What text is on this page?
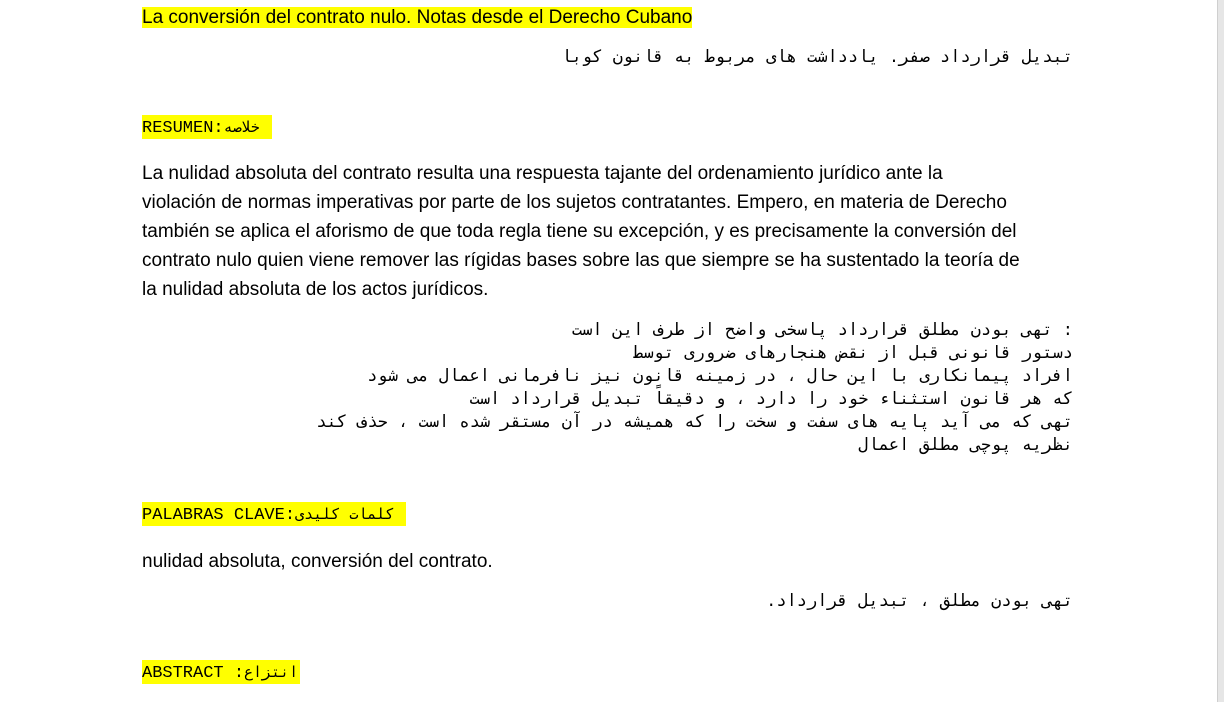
La conversión del contrato nulo. Notas desde el Derecho Cubano
تبدیل قرارداد صفر. یادداشت های مربوط به قانون کوبا
RESUMEN:خلاصه

La nulidad absoluta del contrato resulta una respuesta tajante del ordenamiento jurídico ante la

violación de normas imperativas por parte de los sujetos contratantes. Empero, en materia de Derecho

también se aplica el aforismo de que toda regla tiene su excepción, y es precisamente la conversión del

contrato nulo quien viene remover las rígidas bases sobre las que siempre se ha sustentado la teoría de

la nulidad absoluta de los actos jurídicos.

: تهی بودن مطلق قرارداد پاسخی واضح از طرف این است

دستور قانونی قبل از نقض هنجارهای ضروری توسط

افراد پیمانکاری با این حال ، در زمینه قانون نیز نافرمانی اعمال می شود

که هر قانون استثناء خود را دارد ، و دقیقاً تبدیل قرارداد است

تهی که می آید پایه های سفت و سخت را که همیشه در آن مستقر شده است ، حذف کند

نظریه پوچی مطلق اعمال

PALABRAS CLAVE:کلمات کلیدی
nulidad absoluta, conversión del contrato.
تهی بودن مطلق ، تبدیل قرارداد.
ABSTRACT :انتزاع
